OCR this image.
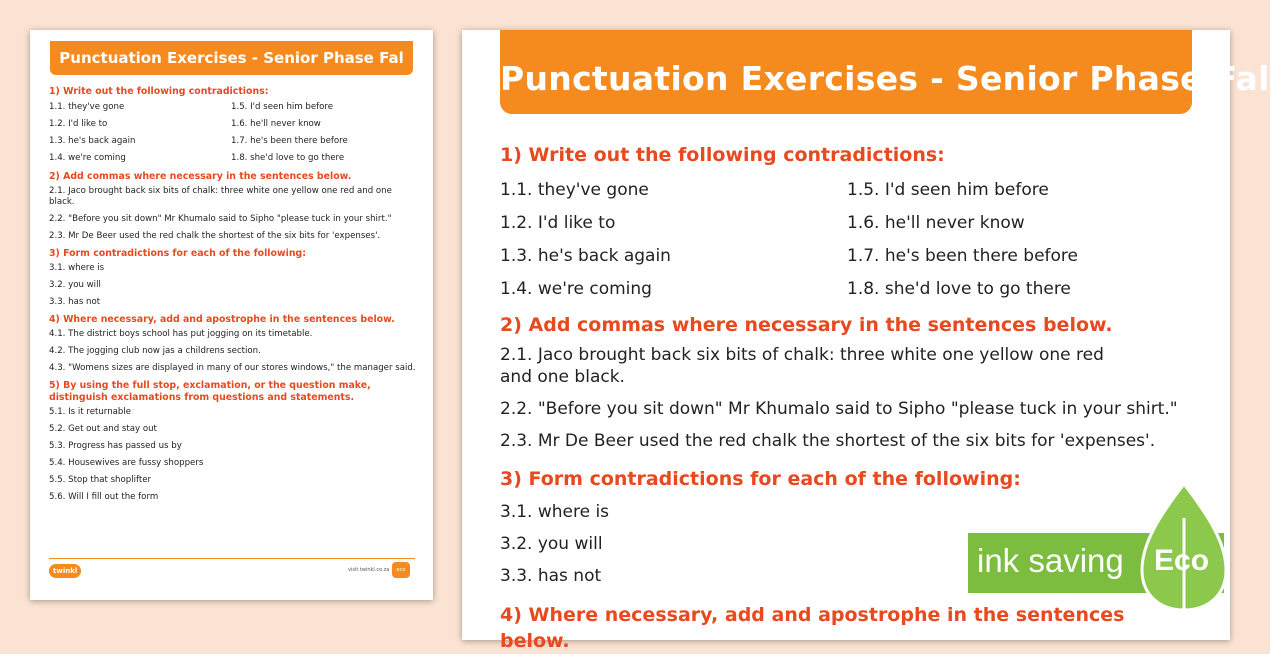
Punctuation Exercises - Senior Phase Fal
1) Write out the following contradictions:
1.1. they've gone	1.5. I'd seen him before
1.2. I'd like to	1.6. he'll never know
1.3. he's back again	1.7. he's been there before
1.4. we're coming	1.8. she'd love to go there
2) Add commas where necessary in the sentences below.
2.1. Jaco brought back six bits of chalk: three white one yellow one red and one black.
2.2. "Before you sit down" Mr Khumalo said to Sipho "please tuck in your shirt."
2.3. Mr De Beer used the red chalk the shortest of the six bits for 'expenses'.
3) Form contradictions for each of the following:
3.1. where is
3.2. you will
3.3. has not
4) Where necessary, add and apostrophe in the sentences below.
4.1. The district boys school has put jogging on its timetable.
4.2. The jogging club now jas a childrens section.
4.3. "Womens sizes are displayed in many of our stores windows," the manager said.
5) By using the full stop, exclamation, or the question make, distinguish exclamations from questions and statements.
5.1. Is it returnable
5.2. Get out and stay out
5.3. Progress has passed us by
5.4. Housewives are fussy shoppers
5.5. Stop that shoplifter
5.6. Will I fill out the form
twinkl	visit twinkl.co.za	eco
Punctuation Exercises - Senior Phase Fal
1) Write out the following contradictions:
1.1. they've gone	1.5. I'd seen him before
1.2. I'd like to	1.6. he'll never know
1.3. he's back again	1.7. he's been there before
1.4. we're coming	1.8. she'd love to go there
2) Add commas where necessary in the sentences below.
2.1. Jaco brought back six bits of chalk: three white one yellow one red and one black.
2.2. "Before you sit down" Mr Khumalo said to Sipho "please tuck in your shirt."
2.3. Mr De Beer used the red chalk the shortest of the six bits for 'expenses'.
3) Form contradictions for each of the following:
3.1. where is
3.2. you will
3.3. has not
4) Where necessary, add and apostrophe in the sentences below.
ink saving Eco
